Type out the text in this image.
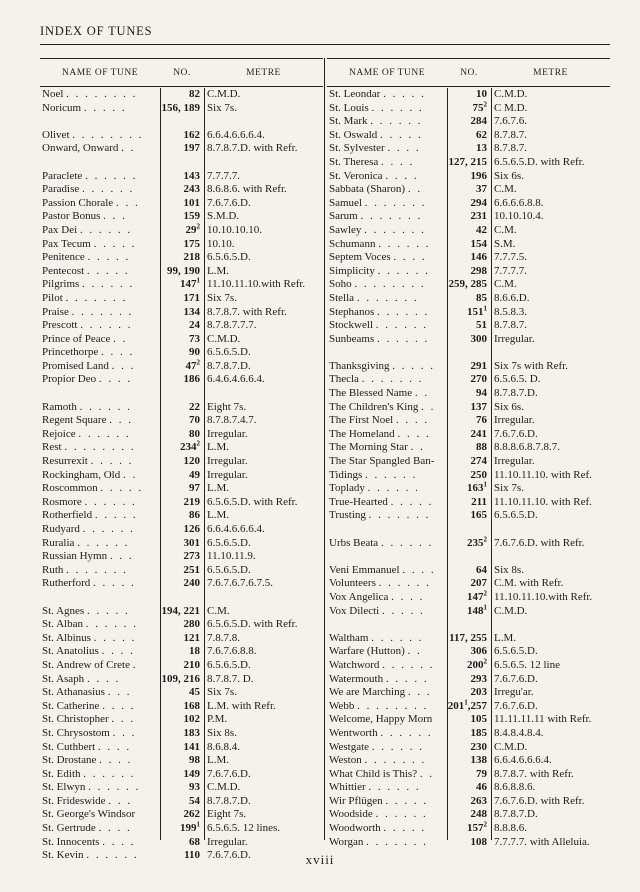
INDEX OF TUNES
NAME OF TUNE	NO.	METRE
Noel . . . . . . . .	82 C.M.D.
Noricum . . . . .	156, 189 Six 7s.
Olivet . . . . . . . .	162 6.6.4.6.6.6.4.
Onward, Onward . .	197 8.7.8.7.D. with Refr.
Paraclete . . . . . .	143 7.7.7.7.
Paradise . . . . . .	243 8.6.8.6. with Refr.
Passion Chorale . . .	101 7.6.7.6.D.
Pastor Bonus . . .	159 S.M.D.
Pax Dei . . . . . .	$29^2$ 10.10.10.10.
Pax Tecum . . . . .	175 10.10.
Penitence . . . . .	218 6.5.6.5.D.
Pentecost . . . . .	99, 190 L.M.
Pilgrims . . . . . .	$147^1$ 11.10.11.10.with Refr.
Pilot . . . . . . .	171 Six 7s.
Praise . . . . . . .	134 8.7.8.7. with Refr.
Prescott . . . . . .	24 8.7.8.7.7.7.
Prince of Peace . .	73 C.M.D.
Princethorpe . . . .	90 6.5.6.5.D.
Promised Land . . .	$47^2$ 8.7.8.7.D.
Propior Deo . . . .	186 6.4.6.4.6.6.4.
Ramoth . . . . . .	22 Eight 7s.
Regent Square . . .	70 8.7.8.7.4.7.
Rejoice . . . . . .	80 Irregular.
Rest . . . . . . . .	$234^2$ L.M.
Resurrexit . . . . .	120 Irregular.
Rockingham, Old . .	49 Irregular.
Roscommon . . . . .	97 L.M.
Rosmore . . . . . .	219 6.5.6.5.D. with Refr.
Rotherfield . . . . .	86 L.M.
Rudyard . . . . . .	126 6.6.4.6.6.6.4.
Ruralia . . . . . .	301 6.5.6.5.D.
Russian Hymn . . .	273 11.10.11.9.
Ruth . . . . . . .	251 6.5.6.5.D.
Rutherford . . . . .	240 7.6.7.6.7.6.7.5.
St. Agnes . . . . .	194, 221 C.M.
St. Alban . . . . . .	280 6.5.6.5.D. with Refr.
St. Albinus . . . . .	121 7.8.7.8.
St. Anatolius . . . .	18 7.6.7.6.8.8.
St. Andrew of Crete .	210 6.5.6.5.D.
St. Asaph . . . .	109, 216 8.7.8.7. D.
St. Athanasius . . .	45 Six 7s.
St. Catherine . . . .	168 L.M. with Refr.
St. Christopher . . .	102 P.M.
St. Chrysostom . . .	183 Six 8s.
St. Cuthbert . . . .	141 8.6.8.4.
St. Drostane . . . .	98 L.M.
St. Edith . . . . . .	149 7.6.7.6.D.
St. Elwyn . . . . . .	93 C.M.D.
St. Frideswide . . .	54 8.7.8.7.D.
St. George's Windsor	262 Eight 7s.
St. Gertrude . . . .	$199^1$ 6.5.6.5. 12 lines.
St. Innocents . . . .	68 Irregular.
St. Kevin . . . . . .	110 7.6.7.6.D.
NAME OF TUNE	NO.	METRE
St. Leondar . . . . .	10 C.M.D.
St. Louis . . . . . .	$75^2$ C M.D.
St. Mark . . . . . .	284 7.6.7.6.
St. Oswald . . . . .	62 8.7.8.7.
St. Sylvester . . . .	13 8.7.8.7.
St. Theresa . . . .	127, 215 6.5.6.5.D. with Refr.
St. Veronica . . . .	196 Six 6s.
Sabbata (Sharon) . .	37 C.M.
Samuel . . . . . . .	294 6.6.6.6.8.8.
Sarum . . . . . . .	231 10.10.10.4.
Sawley . . . . . . .	42 C.M.
Schumann . . . . . .	154 S.M.
Septem Voces . . . .	146 7.7.7.5.
Simplicity . . . . . .	298 7.7.7.7.
Soho . . . . . . . .	259, 285 C.M.
Stella . . . . . . .	85 8.6.6.D.
Stephanos . . . . . .	$151^1$ 8.5.8.3.
Stockwell . . . . . .	51 8.7.8.7.
Sunbeams . . . . . .	300 Irregular.
Thanksgiving . . . . .	291 Six 7s with Refr.
Thecla . . . . . . .	270 6.5.6.5. D.
The Blessed Name . .	94 8.7.8.7.D.
The Children's King . .	137 Six 6s.
The First Noel . . . .	76 Irregular.
The Homeland . . . .	241 7.6.7.6.D.
The Morning Star . .	88 8.8.8.6.8.7.8.7.
The Star Spangled Ban-	274 Irregular.
Tidings . . . . . .	250 11.10.11.10. with Ref.
Toplady . . . . . .	$163^1$ Six 7s.
True-Hearted . . . . .	211 11.10.11.10. with Ref.
Trusting . . . . . . .	165 6.5.6.5.D.
Urbs Beata . . . . . .	$235^2$ 7.6.7.6.D. with Refr.
Veni Emmanuel . . . .	64 Six 8s.
Volunteers . . . . . .	207 C.M. with Refr.
Vox Angelica . . . .	$147^2$ 11.10.11.10.with Refr.
Vox Dilecti . . . . .	$148^1$ C.M.D.
Waltham . . . . . .	117, 255 L.M.
Warfare (Hutton) . .	306 6.5.6.5.D.
Watchword . . . . . .	$200^2$ 6.5.6.5. 12 line
Watermouth . . . . .	293 7.6.7.6.D.
We are Marching . . .	203 Irregu'ar.
Webb . . . . . . . .	$201^1,257$ 7.6.7.6.D.
Welcome, Happy Morn	105 11.11.11.11 with Refr.
Wentworth . . . . . .	185 8.4.8.4.8.4.
Westgate . . . . . .	230 C.M.D.
Weston . . . . . . .	138 6.6.4.6.6.6.4.
What Child is This? . .	79 8.7.8.7. with Refr.
Whittier . . . . . .	46 8.6.8.8.6.
Wir Pflügen . . . . .	263 7.6.7.6.D. with Refr.
Woodside . . . . . .	248 8.7.8.7.D.
Woodworth . . . . .	$157^2$ 8.8.8.6.
Worgan . . . . . . .	108 7.7.7.7. with Alleluia.
xviii
